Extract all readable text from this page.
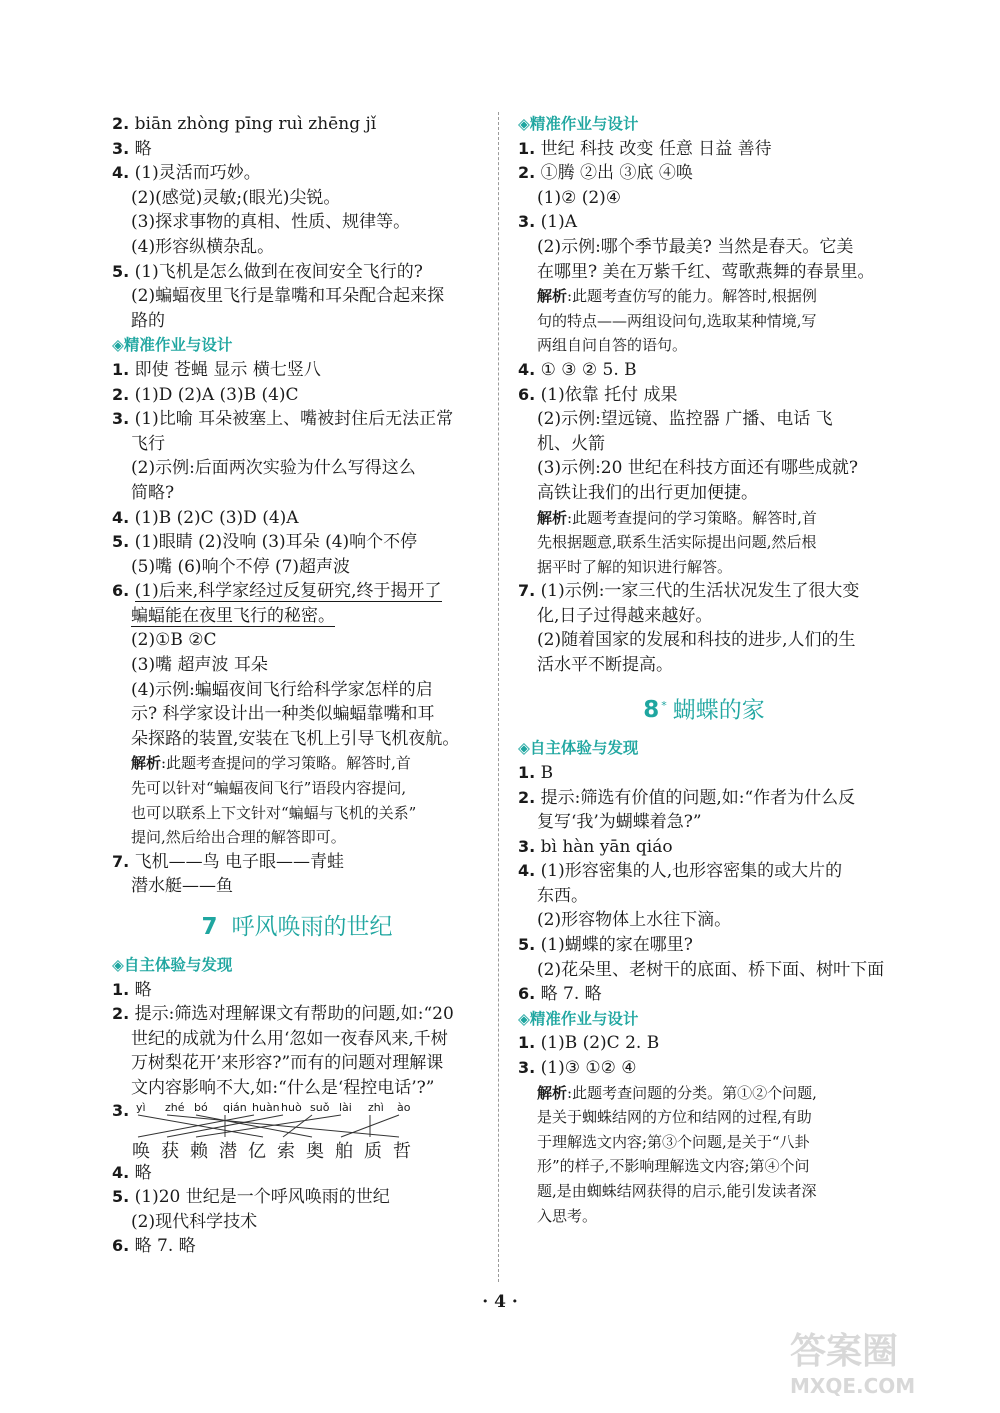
2. biān zhòng pīng ruì zhēng jǐ
3. 略
4. (1)灵活而巧妙。
(2)(感觉)灵敏;(眼光)尖锐。
(3)探求事物的真相、性质、规律等。
(4)形容纵横杂乱。
5. (1)飞机是怎么做到在夜间安全飞行的?
(2)蝙蝠夜里飞行是靠嘴和耳朵配合起来探
路的
◈精准作业与设计
1. 即使 苍蝇 显示 横七竖八
2. (1)D (2)A (3)B (4)C
3. (1)比喻 耳朵被塞上、嘴被封住后无法正常
飞行
(2)示例:后面两次实验为什么写得这么
简略?
4. (1)B (2)C (3)D (4)A
5. (1)眼睛 (2)没响 (3)耳朵 (4)响个不停
(5)嘴 (6)响个不停 (7)超声波
6. (1)后来,科学家经过反复研究,终于揭开了
蝙蝠能在夜里飞行的秘密。
(2)①B ②C
(3)嘴 超声波 耳朵
(4)示例:蝙蝠夜间飞行给科学家怎样的启
示? 科学家设计出一种类似蝙蝠靠嘴和耳
朵探路的装置,安装在飞机上引导飞机夜航。
解析:此题考查提问的学习策略。解答时,首
先可以针对“蝙蝠夜间飞行”语段内容提问,
也可以联系上下文针对“蝙蝠与飞机的关系”
提问,然后给出合理的解答即可。
7. 飞机——鸟 电子眼——青蛙
潜水艇——鱼
7 呼风唤雨的世纪
◈自主体验与发现
1. 略
2. 提示:筛选对理解课文有帮助的问题,如:“20
世纪的成就为什么用‘忽如一夜春风来,千树
万树梨花开’来形容?”而有的问题对理解课
文内容影响不大,如:“什么是‘程控电话’?”
3. yì zhé bó qián huànhuò suǒ lài zhì ào
唤 获 赖 潜 亿 索 奥 舶 质 哲
4. 略
5. (1)20 世纪是一个呼风唤雨的世纪
(2)现代科学技术
6. 略 7. 略
◈精准作业与设计
1. 世纪 科技 改变 任意 日益 善待
2. ①腾 ②出 ③底 ④唤
(1)② (2)④
3. (1)A
(2)示例:哪个季节最美? 当然是春天。它美
在哪里? 美在万紫千红、莺歌燕舞的春景里。
解析:此题考查仿写的能力。解答时,根据例
句的特点——两组设问句,选取某种情境,写
两组自问自答的语句。
4. ① ③ ② 5. B
6. (1)依靠 托付 成果
(2)示例:望远镜、监控器 广播、电话 飞
机、火箭
(3)示例:20 世纪在科技方面还有哪些成就?
高铁让我们的出行更加便捷。
解析:此题考查提问的学习策略。解答时,首
先根据题意,联系生活实际提出问题,然后根
据平时了解的知识进行解答。
7. (1)示例:一家三代的生活状况发生了很大变
化,日子过得越来越好。
(2)随着国家的发展和科技的进步,人们的生
活水平不断提高。
8 * 蝴蝶的家
◈自主体验与发现
1. B
2. 提示:筛选有价值的问题,如:“作者为什么反
复写‘我’为蝴蝶着急?”
3. bì hàn yān qiáo
4. (1)形容密集的人,也形容密集的或大片的
东西。
(2)形容物体上水往下滴。
5. (1)蝴蝶的家在哪里?
(2)花朵里、老树干的底面、桥下面、树叶下面
6. 略 7. 略
◈精准作业与设计
1. (1)B (2)C 2. B
3. (1)③ ①② ④
解析:此题考查问题的分类。第①②个问题,
是关于蜘蛛结网的方位和结网的过程,有助
于理解选文内容;第③个问题,是关于“八卦
形”的样子,不影响理解选文内容;第④个问
题,是由蜘蛛结网获得的启示,能引发读者深
入思考。
· 4 ·
答案圈
MXQE.COM
